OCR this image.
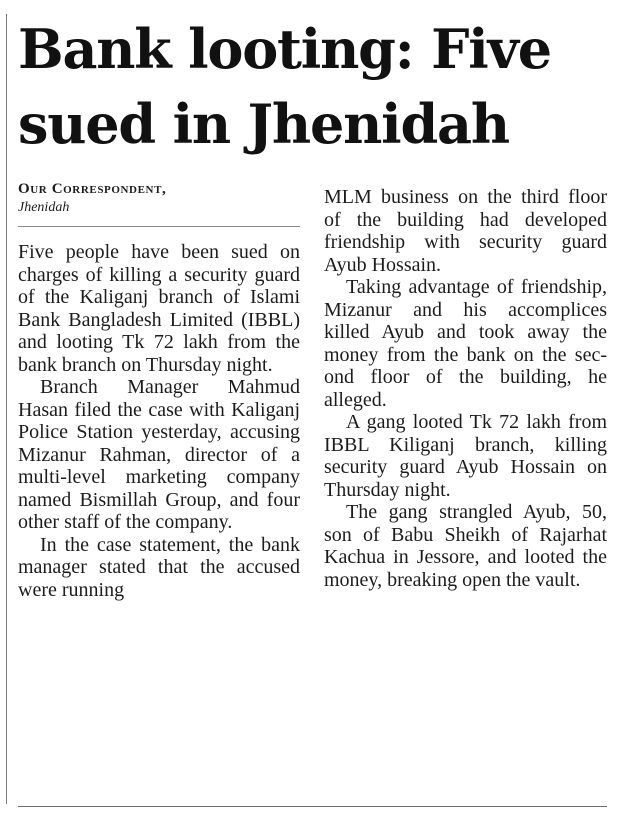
Bank looting: Five sued in Jhenidah
Our Correspondent,
Jhenidah

Five people have been sued on charges of killing a security guard of the Kaliganj branch of Islami Bank Bangladesh Limited (IBBL) and looting Tk 72 lakh from the bank branch on Thursday night.

Branch Manager Mahmud Hasan filed the case with Kaliganj Police Station yesterday, accusing Mizanur Rahman, director of a multi-level marketing company named Bismillah Group, and four other staff of the company.

In the case statement, the bank manager stated that the accused were running

MLM business on the third floor of the building had developed friendship with security guard Ayub Hossain.

Taking advantage of friendship, Mizanur and his accomplices killed Ayub and took away the money from the bank on the second floor of the building, he alleged.

A gang looted Tk 72 lakh from IBBL Kiliganj branch, killing security guard Ayub Hossain on Thursday night.

The gang strangled Ayub, 50, son of Babu Sheikh of Rajarhat Kachua in Jessore, and looted the money, breaking open the vault.
